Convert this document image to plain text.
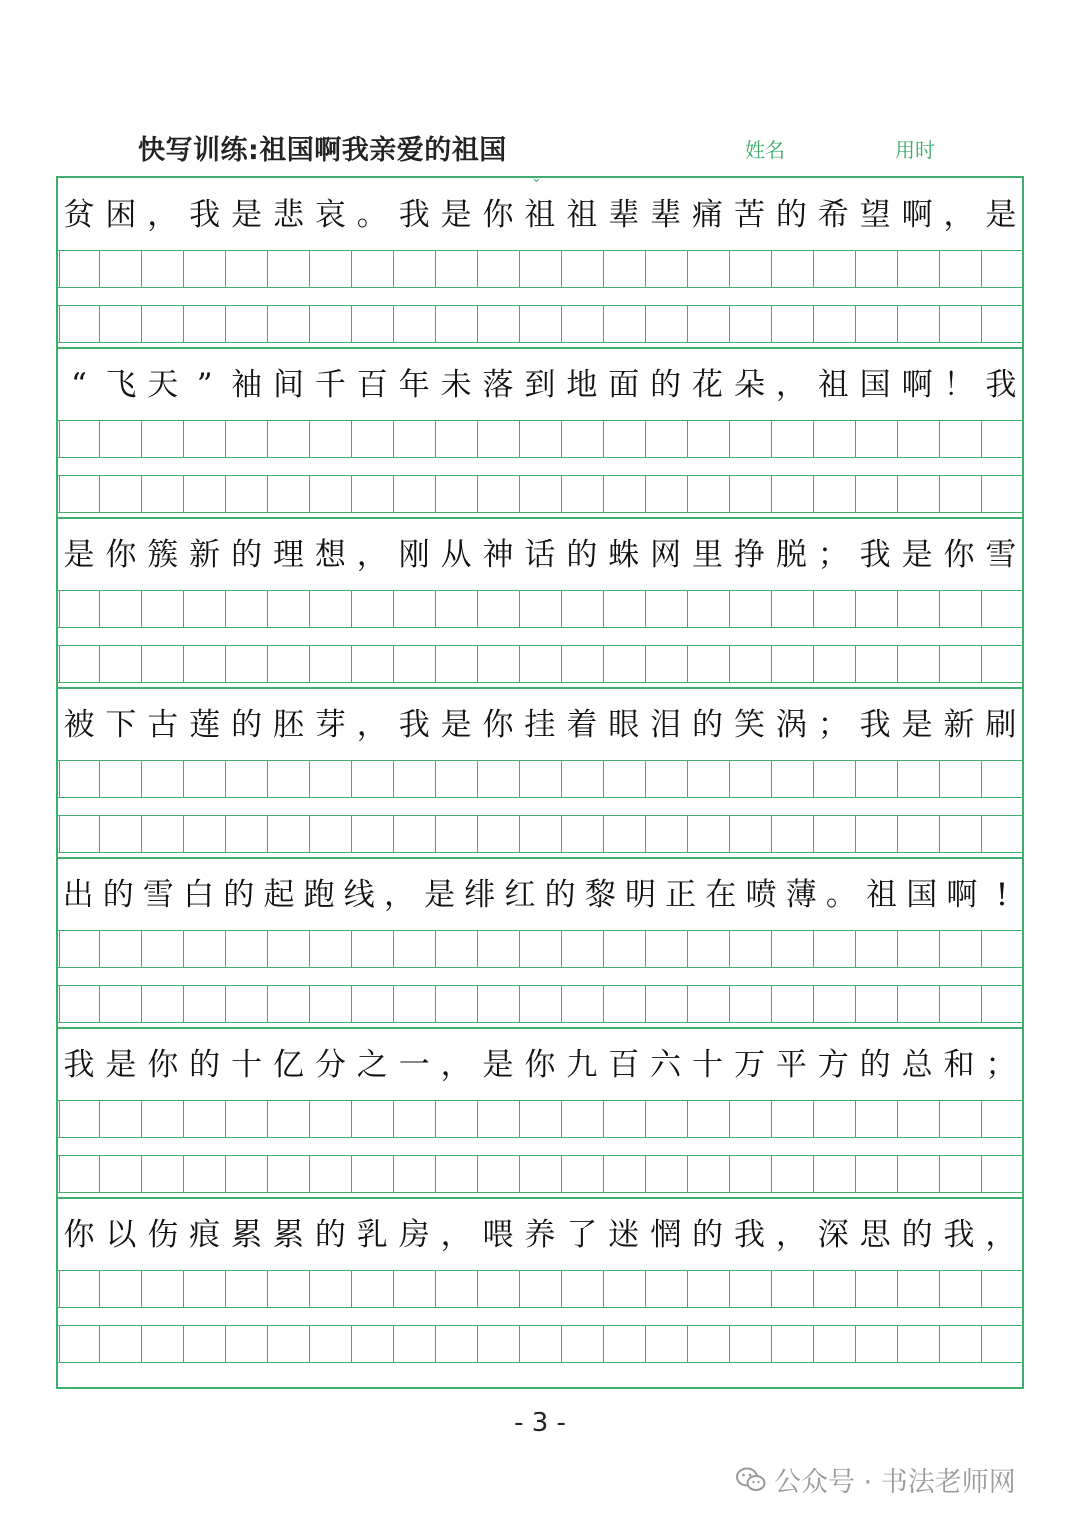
快写训练:祖国啊我亲爱的祖国	姓名	用时
⌄
贫 困 ， 我 是 悲 哀 。 我 是 你 祖 祖 辈 辈 痛 苦 的 希 望 啊 ， 是
“ 飞 天 ” 袖 间 千 百 年 未 落 到 地 面 的 花 朵 ， 祖 国 啊 ！ 我
是 你 簇 新 的 理 想 ， 刚 从 神 话 的 蛛 网 里 挣 脱 ； 我 是 你 雪
被 下 古 莲 的 胚 芽 ， 我 是 你 挂 着 眼 泪 的 笑 涡 ； 我 是 新 刷
出 的 雪 白 的 起 跑 线 ， 是 绯 红 的 黎 明 正 在 喷 薄 。 祖 国 啊 !
我 是 你 的 十 亿 分 之 一 ， 是 你 九 百 六 十 万 平 方 的 总 和 ；
你 以 伤 痕 累 累 的 乳 房 ， 喂 养 了 迷 惘 的 我 ， 深 思 的 我 ，
- 3 -
公众号 · 书法老师网
